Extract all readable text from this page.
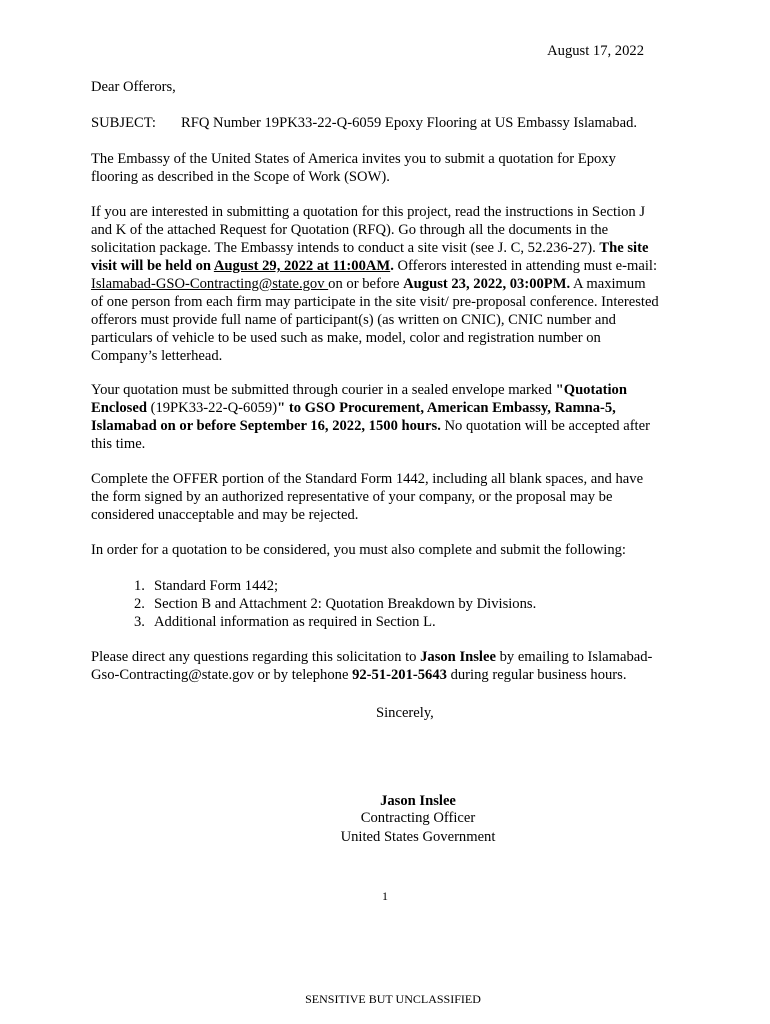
August 17, 2022
Dear Offerors,
SUBJECT: RFQ Number 19PK33-22-Q-6059 Epoxy Flooring at US Embassy Islamabad.
The Embassy of the United States of America invites you to submit a quotation for Epoxy
flooring as described in the Scope of Work (SOW).
If you are interested in submitting a quotation for this project, read the instructions in Section J
and K of the attached Request for Quotation (RFQ). Go through all the documents in the
solicitation package. The Embassy intends to conduct a site visit (see J. C, 52.236-27). The site
visit will be held on August 29, 2022 at 11:00AM. Offerors interested in attending must e-mail:
Islamabad-GSO-Contracting@state.gov on or before August 23, 2022, 03:00PM. A maximum
of one person from each firm may participate in the site visit/ pre-proposal conference. Interested
offerors must provide full name of participant(s) (as written on CNIC), CNIC number and
particulars of vehicle to be used such as make, model, color and registration number on
Company’s letterhead.
Your quotation must be submitted through courier in a sealed envelope marked "Quotation
Enclosed (19PK33-22-Q-6059)" to GSO Procurement, American Embassy, Ramna-5,
Islamabad on or before September 16, 2022, 1500 hours. No quotation will be accepted after
this time.
Complete the OFFER portion of the Standard Form 1442, including all blank spaces, and have
the form signed by an authorized representative of your company, or the proposal may be
considered unacceptable and may be rejected.
In order for a quotation to be considered, you must also complete and submit the following:
1. Standard Form 1442;
2. Section B and Attachment 2: Quotation Breakdown by Divisions.
3. Additional information as required in Section L.
Please direct any questions regarding this solicitation to Jason Inslee by emailing to Islamabad-
Gso-Contracting@state.gov or by telephone 92-51-201-5643 during regular business hours.
Sincerely,
Jason Inslee
Contracting Officer
United States Government
1
SENSITIVE BUT UNCLASSIFIED
